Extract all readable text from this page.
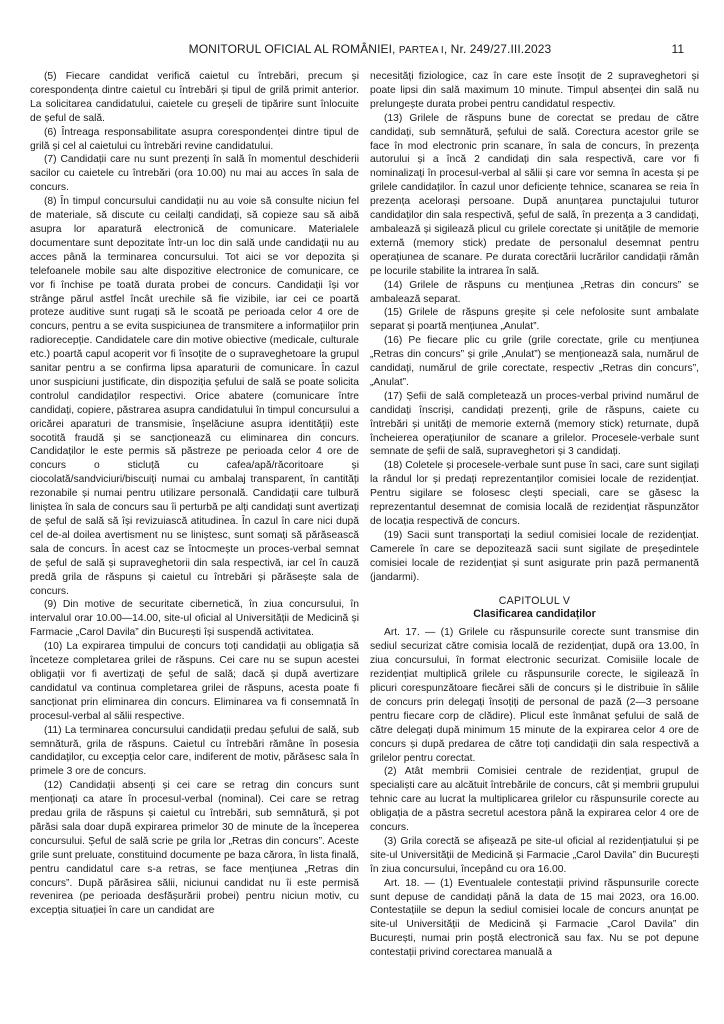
MONITORUL OFICIAL AL ROMÂNIEI, PARTEA I, Nr. 249/27.III.2023	11

(5) Fiecare candidat verifică caietul cu întrebări, precum și corespondența dintre caietul cu întrebări și tipul de grilă primit anterior. La solicitarea candidatului, caietele cu greșeli de tipărire sunt înlocuite de șeful de sală.

(6) Întreaga responsabilitate asupra corespondenței dintre tipul de grilă și cel al caietului cu întrebări revine candidatului.

(7) Candidații care nu sunt prezenți în sală în momentul deschiderii sacilor cu caietele cu întrebări (ora 10.00) nu mai au acces în sala de concurs.

(8) În timpul concursului candidații nu au voie să consulte niciun fel de materiale, să discute cu ceilalți candidați, să copieze sau să aibă asupra lor aparatură electronică de comunicare. Materialele documentare sunt depozitate într-un loc din sală unde candidații nu au acces până la terminarea concursului. Tot aici se vor depozita și telefoanele mobile sau alte dispozitive electronice de comunicare, ce vor fi închise pe toată durata probei de concurs. Candidații își vor strânge părul astfel încât urechile să fie vizibile, iar cei ce poartă proteze auditive sunt rugați să le scoată pe perioada celor 4 ore de concurs, pentru a se evita suspiciunea de transmitere a informațiilor prin radiorecepție. Candidatele care din motive obiective (medicale, culturale etc.) poartă capul acoperit vor fi însoțite de o supraveghetoare la grupul sanitar pentru a se confirma lipsa aparaturii de comunicare. În cazul unor suspiciuni justificate, din dispoziția șefului de sală se poate solicita controlul candidaților respectivi. Orice abatere (comunicare între candidați, copiere, păstrarea asupra candidatului în timpul concursului a oricărei aparaturi de transmisie, înșelăciune asupra identității) este socotită fraudă și se sancționează cu eliminarea din concurs. Candidaților le este permis să păstreze pe perioada celor 4 ore de concurs o sticluță cu cafea/apă/răcoritoare și ciocolată/sandviciuri/biscuiți numai cu ambalaj transparent, în cantități rezonabile și numai pentru utilizare personală. Candidații care tulbură liniștea în sala de concurs sau îi perturbă pe alți candidați sunt avertizați de șeful de sală să își revizuiască atitudinea. În cazul în care nici după cel de-al doilea avertisment nu se liniștesc, sunt somați să părăsească sala de concurs. În acest caz se întocmește un proces-verbal semnat de șeful de sală și supraveghetorii din sala respectivă, iar cel în cauză predă grila de răspuns și caietul cu întrebări și părăsește sala de concurs.

(9) Din motive de securitate cibernetică, în ziua concursului, în intervalul orar 10.00—14.00, site-ul oficial al Universității de Medicină și Farmacie „Carol Davila” din București își suspendă activitatea.

(10) La expirarea timpului de concurs toți candidații au obligația să înceteze completarea grilei de răspuns. Cei care nu se supun acestei obligații vor fi avertizați de șeful de sală; dacă și după avertizare candidatul va continua completarea grilei de răspuns, acesta poate fi sancționat prin eliminarea din concurs. Eliminarea va fi consemnată în procesul-verbal al sălii respective.

(11) La terminarea concursului candidații predau șefului de sală, sub semnătură, grila de răspuns. Caietul cu întrebări rămâne în posesia candidaților, cu excepția celor care, indiferent de motiv, părăsesc sala în primele 3 ore de concurs.

(12) Candidații absenți și cei care se retrag din concurs sunt menționați ca atare în procesul-verbal (nominal). Cei care se retrag predau grila de răspuns și caietul cu întrebări, sub semnătură, și pot părăsi sala doar după expirarea primelor 30 de minute de la începerea concursului. Șeful de sală scrie pe grila lor „Retras din concurs”. Aceste grile sunt preluate, constituind documente pe baza cărora, în lista finală, pentru candidatul care s-a retras, se face mențiunea „Retras din concurs”. După părăsirea sălii, niciunui candidat nu îi este permisă revenirea (pe perioada desfășurării probei) pentru niciun motiv, cu excepția situației în care un candidat are

necesități fiziologice, caz în care este însoțit de 2 supraveghetori și poate lipsi din sală maximum 10 minute. Timpul absenței din sală nu prelungește durata probei pentru candidatul respectiv.

(13) Grilele de răspuns bune de corectat se predau de către candidați, sub semnătură, șefului de sală. Corectura acestor grile se face în mod electronic prin scanare, în sala de concurs, în prezența autorului și a încă 2 candidați din sala respectivă, care vor fi nominalizați în procesul-verbal al sălii și care vor semna în acesta și pe grilele candidaților. În cazul unor deficiențe tehnice, scanarea se reia în prezența acelorași persoane. După anunțarea punctajului tuturor candidaților din sala respectivă, șeful de sală, în prezența a 3 candidați, ambalează și sigilează plicul cu grilele corectate și unitățile de memorie externă (memory stick) predate de personalul desemnat pentru operațiunea de scanare. Pe durata corectării lucrărilor candidații rămân pe locurile stabilite la intrarea în sală.

(14) Grilele de răspuns cu mențiunea „Retras din concurs” se ambalează separat.

(15) Grilele de răspuns greșite și cele nefolosite sunt ambalate separat și poartă mențiunea „Anulat”.

(16) Pe fiecare plic cu grile (grile corectate, grile cu mențiunea „Retras din concurs” și grile „Anulat”) se menționează sala, numărul de candidați, numărul de grile corectate, respectiv „Retras din concurs”, „Anulat”.

(17) Șefii de sală completează un proces-verbal privind numărul de candidați înscriși, candidați prezenți, grile de răspuns, caiete cu întrebări și unități de memorie externă (memory stick) returnate, după încheierea operațiunilor de scanare a grilelor. Procesele-verbale sunt semnate de șefii de sală, supraveghetori și 3 candidați.

(18) Coletele și procesele-verbale sunt puse în saci, care sunt sigilați la rândul lor și predați reprezentanților comisiei locale de rezidențiat. Pentru sigilare se folosesc clești speciali, care se găsesc la reprezentantul desemnat de comisia locală de rezidențiat răspunzător de locația respectivă de concurs.

(19) Sacii sunt transportați la sediul comisiei locale de rezidențiat. Camerele în care se depozitează sacii sunt sigilate de președintele comisiei locale de rezidențiat și sunt asigurate prin pază permanentă (jandarmi).

CAPITOLUL V
Clasificarea candidaților

Art. 17. — (1) Grilele cu răspunsurile corecte sunt transmise din sediul securizat către comisia locală de rezidențiat, după ora 13.00, în ziua concursului, în format electronic securizat. Comisiile locale de rezidențiat multiplică grilele cu răspunsurile corecte, le sigilează în plicuri corespunzătoare fiecărei săli de concurs și le distribuie în sălile de concurs prin delegați însoțiți de personal de pază (2—3 persoane pentru fiecare corp de clădire). Plicul este înmânat șefului de sală de către delegați după minimum 15 minute de la expirarea celor 4 ore de concurs și după predarea de către toți candidații din sala respectivă a grilelor pentru corectat.

(2) Atât membrii Comisiei centrale de rezidențiat, grupul de specialiști care au alcătuit întrebările de concurs, cât și membrii grupului tehnic care au lucrat la multiplicarea grilelor cu răspunsurile corecte au obligația de a păstra secretul acestora până la expirarea celor 4 ore de concurs.

(3) Grila corectă se afișează pe site-ul oficial al rezidențiatului și pe site-ul Universității de Medicină și Farmacie „Carol Davila” din București în ziua concursului, începând cu ora 16.00.

Art. 18. — (1) Eventualele contestații privind răspunsurile corecte sunt depuse de candidați până la data de 15 mai 2023, ora 16.00. Contestațiile se depun la sediul comisiei locale de concurs anunțat pe site-ul Universității de Medicină și Farmacie „Carol Davila” din București, numai prin poștă electronică sau fax. Nu se pot depune contestații privind corectarea manuală a
